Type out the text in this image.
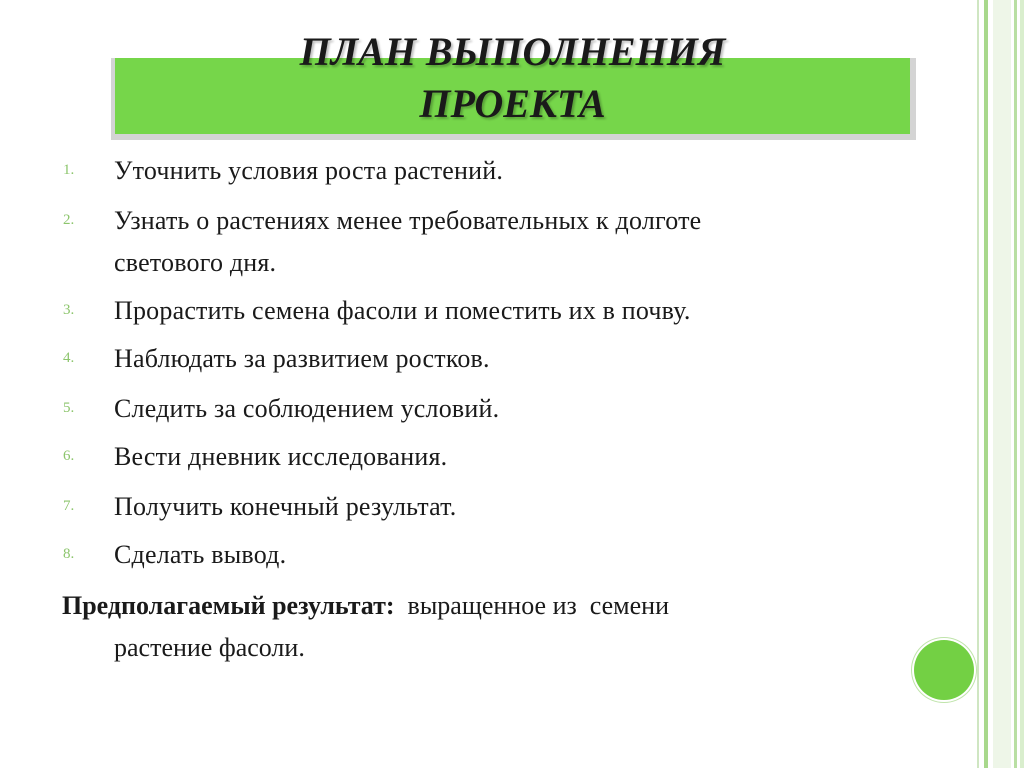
ПЛАН ВЫПОЛНЕНИЯ
ПРОЕКТА
1.	Уточнить условия роста растений.
2.	Узнать о растениях менее требовательных к долготе
светового дня.
3.	Прорастить семена фасоли и поместить их в почву.
4.	Наблюдать за развитием ростков.
5.	Следить за соблюдением условий.
6.	Вести дневник исследования.
7.	Получить конечный результат.
8.	Сделать вывод.
Предполагаемый результат:  выращенное из  семени
растение фасоли.
